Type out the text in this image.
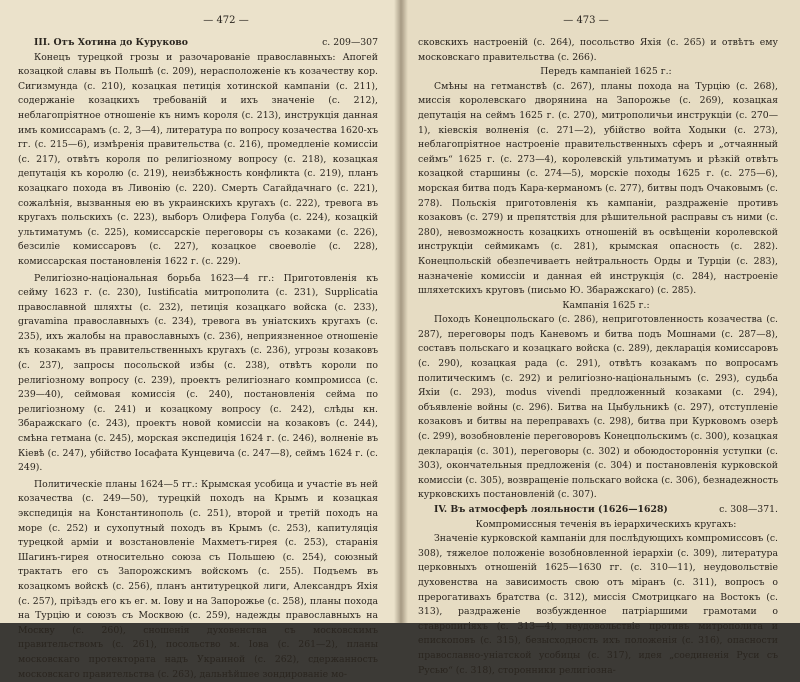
— 472 —

III. Отъ Хотина до Куруково	с. 209—307

Конецъ турецкой грозы и разочарованіе православныхъ: Апогей козацкой славы въ Польшѣ (с. 209), нерасположеніе къ козачеству кор. Сигизмунда (с. 210), козацкая петиція хотинской кампаніи (с. 211), содержаніе козацкихъ требованій и ихъ значеніе (с. 212), неблагопріятное отношеніе къ нимъ короля (с. 213), инструкція данная имъ комиссарамъ (с. 2, 3—4), литература по вопросу козачества 1620-хъ гг. (с. 215—6), измѣренія правительства (с. 216), промедленіе комиссіи (с. 217), отвѣтъ короля по религіозному вопросу (с. 218), козацкая депутація къ королю (с. 219), неизбѣжность конфликта (с. 219), планъ козацкаго похода въ Ливонію (с. 220). Смерть Сагайдачнаго (с. 221), сожалѣнія, вызванныя ею въ украинскихъ кругахъ (с. 222), тревога въ кругахъ польскихъ (с. 223), выборъ Олифера Голуба (с. 224), козацкій ультиматумъ (с. 225), комиссарскіе переговоры съ козаками (с. 226), безсиліе комиссаровъ (с. 227), козацкое своеволіе (с. 228), комиссарская постановленія 1622 г. (с. 229).

Религіозно-національная борьба 1623—4 гг.: Приготовленія къ сейму 1623 г. (с. 230), Iustificatia митрополита (с. 231), Supplicatia православной шляхты (с. 232), петиція козацкаго войска (с. 233), gravamina православныхъ (с. 234), тревога въ уніатскихъ кругахъ (с. 235), ихъ жалобы на православныхъ (с. 236), неприязненное отношеніе къ козакамъ въ правительственныхъ кругахъ (с. 236), угрозы козаковъ (с. 237), запросы посольской избы (с. 238), отвѣтъ короли по религіозному вопросу (с. 239), проектъ религіознаго компромисса (с. 239—40), сеймовая комиссія (с. 240), постановленія сейма по религіозному (с. 241) и козацкому вопросу (с. 242), слѣды кн. Збаражскаго (с. 243), проектъ новой комиссіи на козаковъ (с. 244), смѣна гетмана (с. 245), морская экспедиція 1624 г. (с. 246), волненіе въ Кіевѣ (с. 247), убійство Іосафата Кунцевича (с. 247—8), сеймъ 1624 г. (с. 249).

Политическіе планы 1624—5 гг.: Крымская усобица и участіе въ ней козачества (с. 249—50), турецкій походъ на Крымъ и козацкая экспедиція на Константинополь (с. 251), второй и третій походъ на море (с. 252) и сухопутный походъ въ Крымъ (с. 253), капитуляція турецкой арміи и возстановленіе Махметъ-гирея (с. 253), старанія Шагинъ-гирея относительно союза съ Польшею (с. 254), союзный трактатъ его съ Запорожскимъ войскомъ (с. 255). Подъемъ въ козацкомъ войскѣ (с. 256), планъ антитурецкой лиги, Александръ Яхія (с. 257), пріѣздъ его къ ег. м. Іову и на Запорожье (с. 258), планы похода на Турцію и союзъ съ Москвою (с. 259), надежды православныхъ на Москву (с. 260), сношенія духовенства съ московскимъ правительствомъ (с. 261), посольство м. Іова (с. 261—2), планы московскаго протектората надъ Украиной (с. 262), сдержанность московскаго правительства (с. 263), дальнѣйшее зондированіе мо-

— 473 —

сковскихъ настроеній (с. 264), посольство Яхія (с. 265) и отвѣтъ ему московскаго правительства (с. 266).

Передъ кампаніей 1625 г.:

Смѣны на гетманствѣ (с. 267), планы похода на Турцію (с. 268), миссія королевскаго дворянина на Запорожье (с. 269), козацкая депутація на сеймъ 1625 г. (с. 270), митрополичьи инструкціи (с. 270—1), кіевскія волненія (с. 271—2), убійство войта Ходыки (с. 273), неблагопріятное настроеніе правительственныхъ сферъ и „отчаянный сеймъ“ 1625 г. (с. 273—4), королевскій ультиматумъ и рѣзкій отвѣтъ козацкой старшины (с. 274—5), морскіе походы 1625 г. (с. 275—6), морская битва подъ Кара-керманомъ (с. 277), битвы подъ Очаковымъ (с. 278). Польскія приготовленія къ кампаніи, раздраженіе противъ козаковъ (с. 279) и препятствія для рѣшительной расправы съ ними (с. 280), невозможность козацкихъ отношеній въ освѣщеніи королевской инструкціи сеймикамъ (с. 281), крымская опасность (с. 282). Конецпольскій обезпечиваетъ нейтральность Орды и Турціи (с. 283), назначеніе комиссіи и данная ей инструкція (с. 284), настроеніе шляхетскихъ круговъ (письмо Ю. Збаражскаго) (с. 285).

Кампанія 1625 г.:

Походъ Конецпольскаго (с. 286), неприготовленность козачества (с. 287), переговоры подъ Каневомъ и битва подъ Мошнами (с. 287—8), составъ польскаго и козацкаго войска (с. 289), декларація комиссаровъ (с. 290), козацкая рада (с. 291), отвѣтъ козакамъ по вопросамъ политическимъ (с. 292) и религіозно-національнымъ (с. 293), судьба Яхіи (с. 293), modus vivendi предложенный козаками (с. 294), объявленіе войны (с. 296). Битва на Цыбульникѣ (с. 297), отступленіе козаковъ и битвы на переправахъ (с. 298), битва при Курковомъ озерѣ (с. 299), возобновленіе переговоровъ Конецпольскимъ (с. 300), козацкая декларація (с. 301), переговоры (с. 302) и обоюдостороннія уступки (с. 303), окончательныя предложенія (с. 304) и постановленія курковской комиссіи (с. 305), возвращеніе польскаго войска (с. 306), безнадежность курковскихъ постановленій (с. 307).

IV. Въ атмосферѣ лояльности (1626—1628)	с. 308—371.

Компромиссныя теченія въ іерархическихъ кругахъ:

Значеніе курковской кампаніи для послѣдующихъ компромиссовъ (с. 308), тяжелое положеніе возобновленной іерархіи (с. 309), литература церковныхъ отношеній 1625—1630 гг. (с. 310—11), неудовольствіе духовенства на зависимость свою отъ міранъ (с. 311), вопросъ о прерогативахъ братства (с. 312), миссія Смотрицкаго на Востокъ (с. 313), раздраженіе возбужденное патріаршими грамотами о ставропигіяхъ (с. 313—4), неудовольствіе противъ митрополита и епископовъ (с. 315), безысходность ихъ положенія (с. 316), опасности православно-уніатской усобицы (с. 317), идея „соединенія Руси съ Русью“ (с. 318), сторонники религіозна-
